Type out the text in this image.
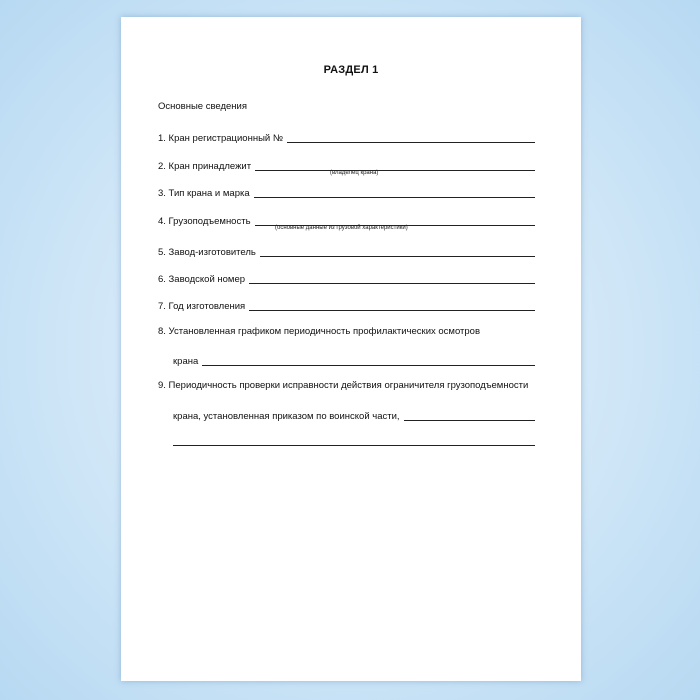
РАЗДЕЛ 1
Основные сведения
1. Кран регистрационный №
2. Кран принадлежит
(владелец крана)
3. Тип крана и марка
4. Грузоподъемность
(основные данные из грузовой характеристики)
5. Завод-изготовитель
6. Заводской номер
7. Год изготовления
8. Установленная графиком периодичность профилактических осмотров
крана
9. Периодичность проверки исправности действия ограничителя грузоподъемности
крана, установленная приказом по воинской части,
